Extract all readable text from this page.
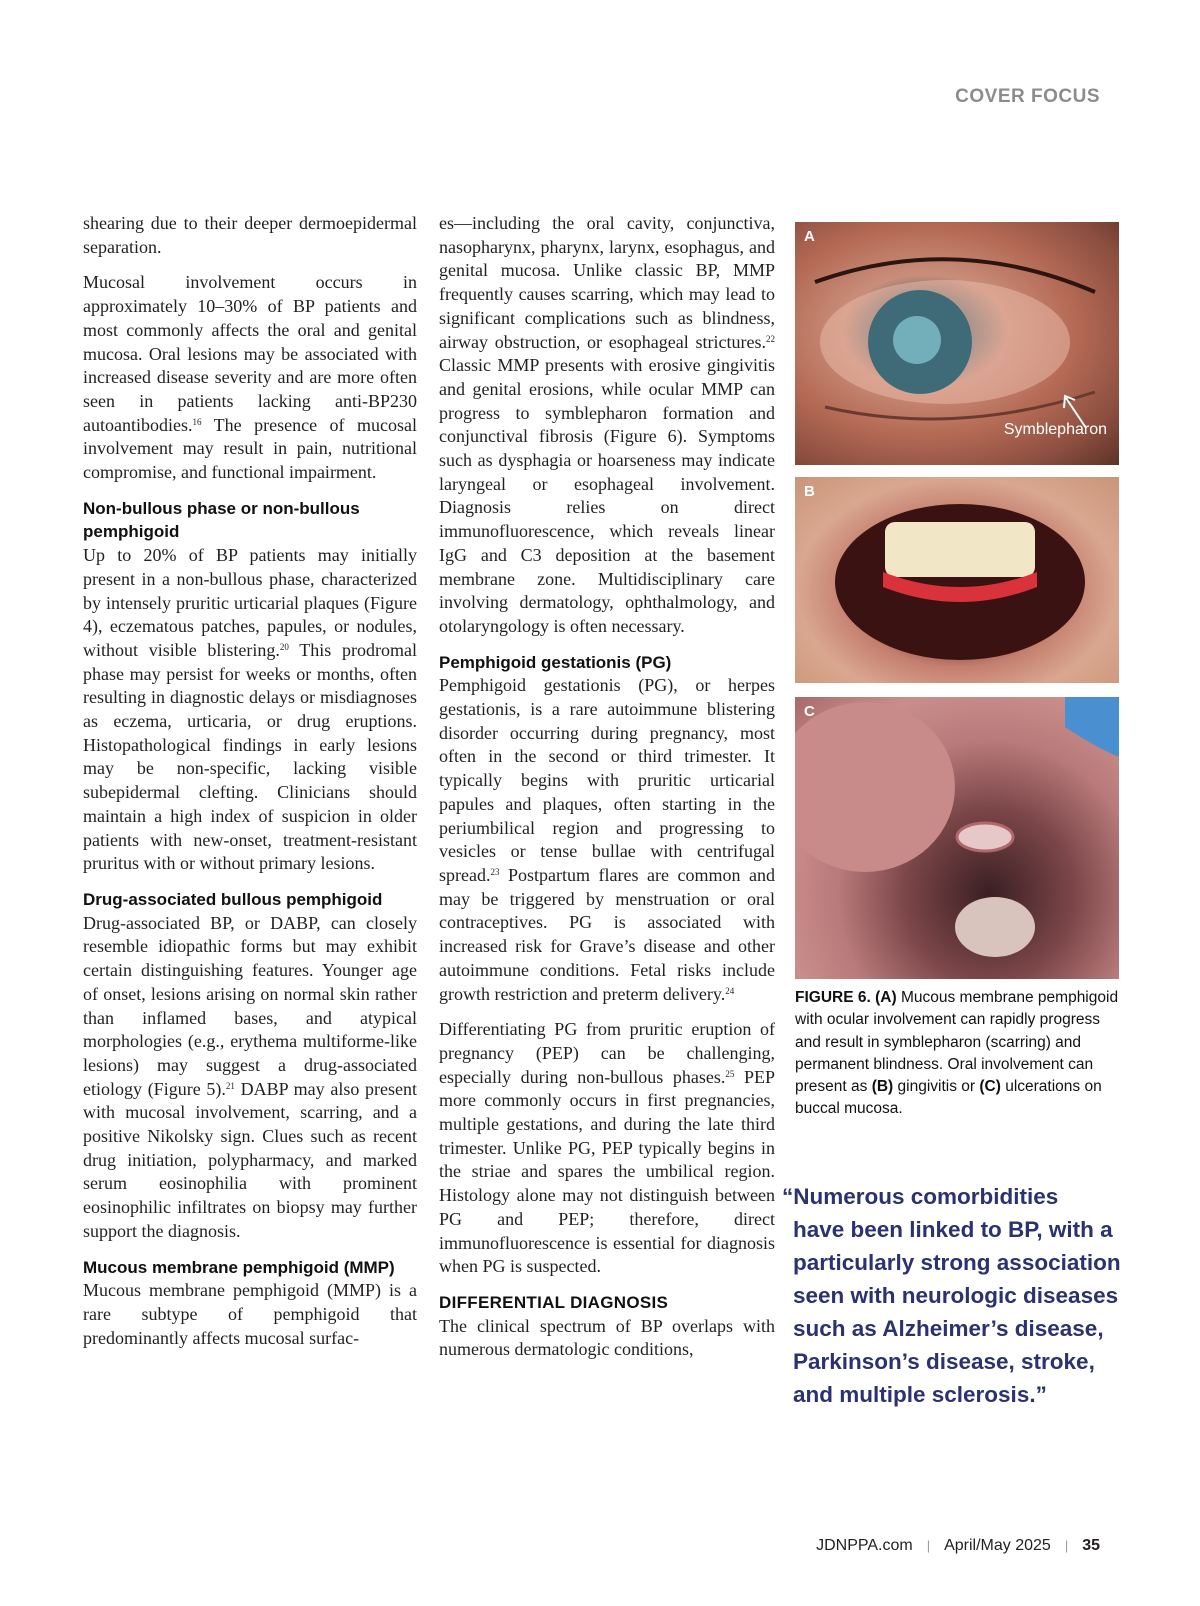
COVER FOCUS

shearing due to their deeper dermoepidermal separation.

Mucosal involvement occurs in approximately 10–30% of BP patients and most commonly affects the oral and genital mucosa. Oral lesions may be associated with increased disease severity and are more often seen in patients lacking anti-BP230 autoantibodies.$^{16}$ The presence of mucosal involvement may result in pain, nutritional compromise, and functional impairment.

Non-bullous phase or non-bullous pemphigoid

Up to 20% of BP patients may initially present in a non-bullous phase, characterized by intensely pruritic urticarial plaques (Figure 4), eczematous patches, papules, or nodules, without visible blistering.$^{20}$ This prodromal phase may persist for weeks or months, often resulting in diagnostic delays or misdiagnoses as eczema, urticaria, or drug eruptions. Histopathological findings in early lesions may be non-specific, lacking visible subepidermal clefting. Clinicians should maintain a high index of suspicion in older patients with new-onset, treatment-resistant pruritus with or without primary lesions.

Drug-associated bullous pemphigoid

Drug-associated BP, or DABP, can closely resemble idiopathic forms but may exhibit certain distinguishing features. Younger age of onset, lesions arising on normal skin rather than inflamed bases, and atypical morphologies (e.g., erythema multiforme-like lesions) may suggest a drug-associated etiology (Figure 5).$^{21}$ DABP may also present with mucosal involvement, scarring, and a positive Nikolsky sign. Clues such as recent drug initiation, polypharmacy, and marked serum eosinophilia with prominent eosinophilic infiltrates on biopsy may further support the diagnosis.

Mucous membrane pemphigoid (MMP)

Mucous membrane pemphigoid (MMP) is a rare subtype of pemphigoid that predominantly affects mucosal surfac-

es—including the oral cavity, conjunctiva, nasopharynx, pharynx, larynx, esophagus, and genital mucosa. Unlike classic BP, MMP frequently causes scarring, which may lead to significant complications such as blindness, airway obstruction, or esophageal strictures.$^{22}$ Classic MMP presents with erosive gingivitis and genital erosions, while ocular MMP can progress to symblepharon formation and conjunctival fibrosis (Figure 6). Symptoms such as dysphagia or hoarseness may indicate laryngeal or esophageal involvement. Diagnosis relies on direct immunofluorescence, which reveals linear IgG and C3 deposition at the basement membrane zone. Multidisciplinary care involving dermatology, ophthalmology, and otolaryngology is often necessary.

Pemphigoid gestationis (PG)

Pemphigoid gestationis (PG), or herpes gestationis, is a rare autoimmune blistering disorder occurring during pregnancy, most often in the second or third trimester. It typically begins with pruritic urticarial papules and plaques, often starting in the periumbilical region and progressing to vesicles or tense bullae with centrifugal spread.$^{23}$ Postpartum flares are common and may be triggered by menstruation or oral contraceptives. PG is associated with increased risk for Grave’s disease and other autoimmune conditions. Fetal risks include growth restriction and preterm delivery.$^{24}$

Differentiating PG from pruritic eruption of pregnancy (PEP) can be challenging, especially during non-bullous phases.$^{25}$ PEP more commonly occurs in first pregnancies, multiple gestations, and during the late third trimester. Unlike PG, PEP typically begins in the striae and spares the umbilical region. Histology alone may not distinguish between PG and PEP; therefore, direct immunofluorescence is essential for diagnosis when PG is suspected.

DIFFERENTIAL DIAGNOSIS

The clinical spectrum of BP overlaps with numerous dermatologic conditions,

A
Symblepharon
B
C
FIGURE 6. (A) Mucous membrane pemphigoid with ocular involvement can rapidly progress and result in symblepharon (scarring) and permanent blindness. Oral involvement can present as (B) gingivitis or (C) ulcerations on buccal mucosa.
“Numerous comorbidities
have been linked to BP, with a
particularly strong association
seen with neurologic diseases
such as Alzheimer’s disease,
Parkinson’s disease, stroke,
and multiple sclerosis.”
JDNPPA.com | April/May 2025 | 35
